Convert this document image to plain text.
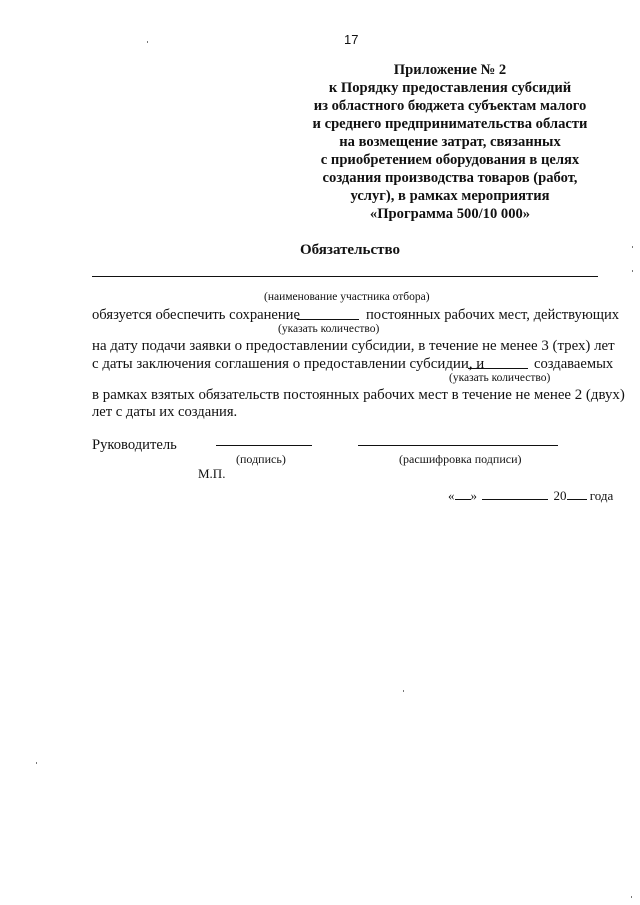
17
Приложение № 2
к Порядку предоставления субсидий
из областного бюджета субъектам малого
и среднего предпринимательства области
на возмещение затрат, связанных
с приобретением оборудования в целях
создания производства товаров (работ,
услуг), в рамках мероприятия
«Программа 500/10 000»
Обязательство
(наименование участника отбора)
обязуется обеспечить сохранение	постоянных рабочих мест, действующих
(указать количество)
на дату подачи заявки о предоставлении субсидии, в течение не менее 3 (трех) лет
с даты заключения соглашения о предоставлении субсидии, и	создаваемых
(указать количество)
в рамках взятых обязательств постоянных рабочих мест в течение не менее 2 (двух)
лет с даты их создания.
Руководитель
(подпись)	(расшифровка подписи)
М.П.
« »	20 года
